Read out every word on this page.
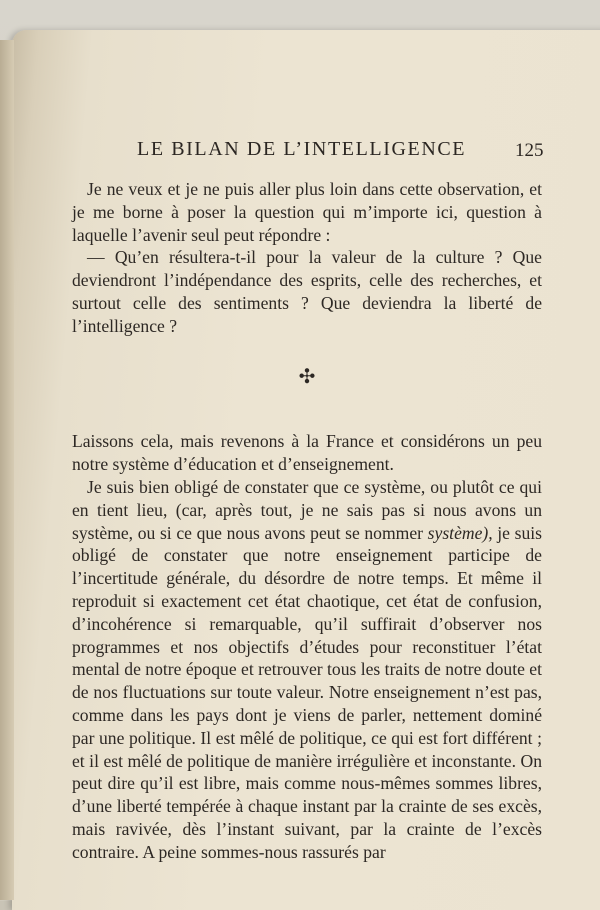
LE BILAN DE L’INTELLIGENCE	125

Je ne veux et je ne puis aller plus loin dans cette observation, et je me borne à poser la question qui m’importe ici, question à laquelle l’avenir seul peut répondre :

— Qu’en résultera-t-il pour la valeur de la culture ? Que deviendront l’indépendance des esprits, celle des recherches, et surtout celle des sentiments ? Que deviendra la liberté de l’intelligence ?

✣

Laissons cela, mais revenons à la France et considérons un peu notre système d’éducation et d’enseignement.

Je suis bien obligé de constater que ce système, ou plutôt ce qui en tient lieu, (car, après tout, je ne sais pas si nous avons un système, ou si ce que nous avons peut se nommer système), je suis obligé de constater que notre enseignement participe de l’incertitude générale, du désordre de notre temps. Et même il reproduit si exactement cet état chaotique, cet état de confusion, d’incohérence si remarquable, qu’il suffirait d’observer nos programmes et nos objectifs d’études pour reconstituer l’état mental de notre époque et retrouver tous les traits de notre doute et de nos fluctuations sur toute valeur. Notre enseignement n’est pas, comme dans les pays dont je viens de parler, nettement dominé par une politique. Il est mêlé de politique, ce qui est fort différent ; et il est mêlé de politique de manière irrégulière et inconstante. On peut dire qu’il est libre, mais comme nous-mêmes sommes libres, d’une liberté tempérée à chaque instant par la crainte de ses excès, mais ravivée, dès l’instant suivant, par la crainte de l’excès contraire. A peine sommes-nous rassurés par
